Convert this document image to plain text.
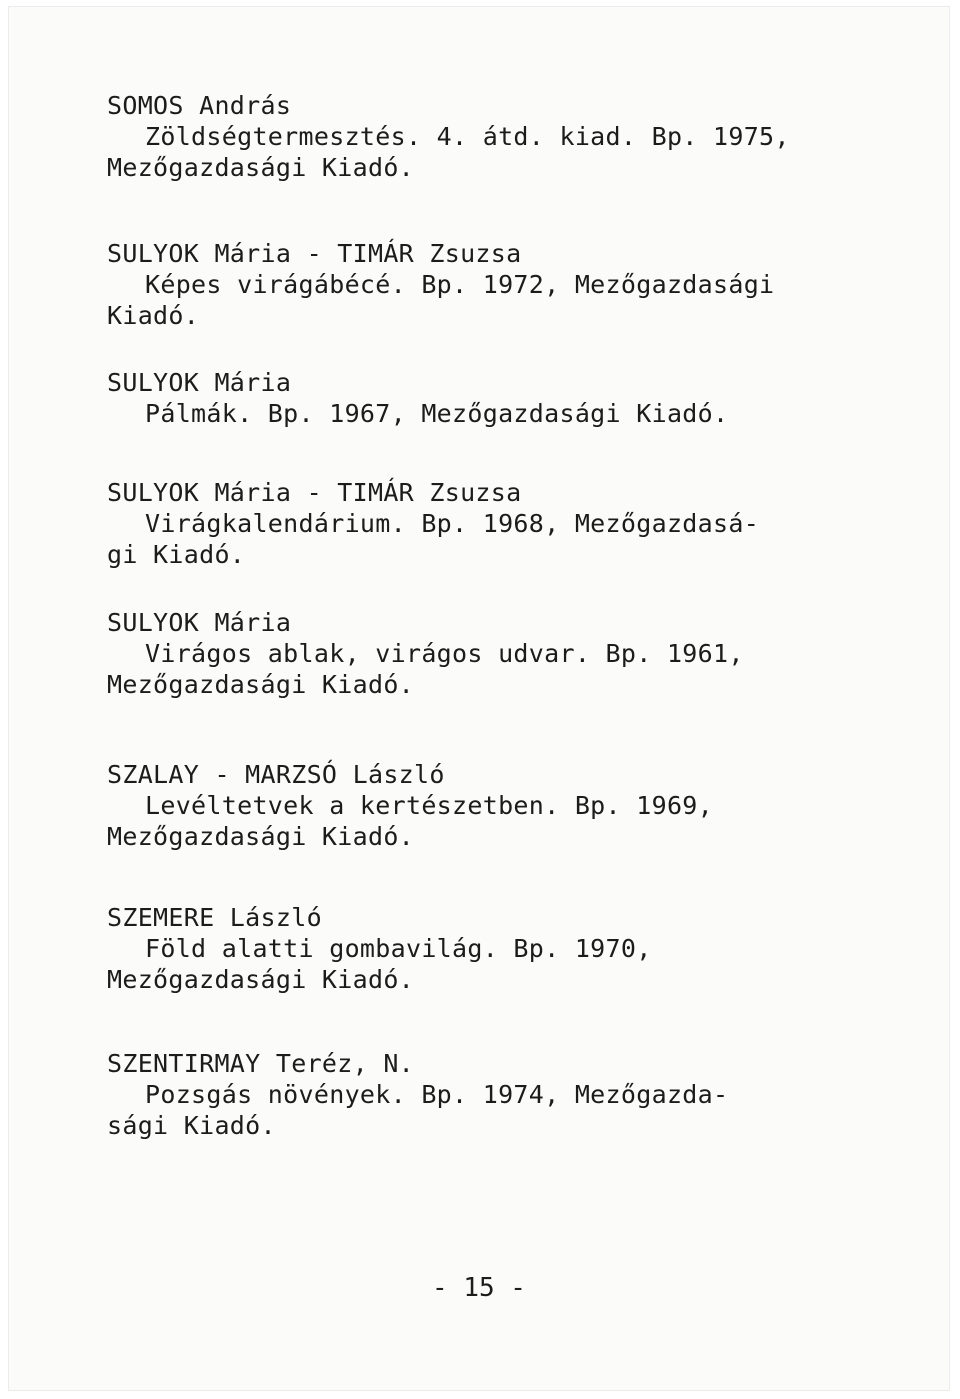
SOMOS András
Zöldségtermesztés. 4. átd. kiad. Bp. 1975,
Mezőgazdasági Kiadó.
SULYOK Mária - TIMÁR Zsuzsa
Képes virágábécé. Bp. 1972, Mezőgazdasági
Kiadó.
SULYOK Mária
Pálmák. Bp. 1967, Mezőgazdasági Kiadó.
SULYOK Mária - TIMÁR Zsuzsa
Virágkalendárium. Bp. 1968, Mezőgazdasá-
gi Kiadó.
SULYOK Mária
Virágos ablak, virágos udvar. Bp. 1961,
Mezőgazdasági Kiadó.
SZALAY - MARZSÓ László
Levéltetvek a kertészetben. Bp. 1969,
Mezőgazdasági Kiadó.
SZEMERE László
Föld alatti gombavilág. Bp. 1970,
Mezőgazdasági Kiadó.
SZENTIRMAY Teréz, N.
Pozsgás növények. Bp. 1974, Mezőgazda-
sági Kiadó.
- 15 -
